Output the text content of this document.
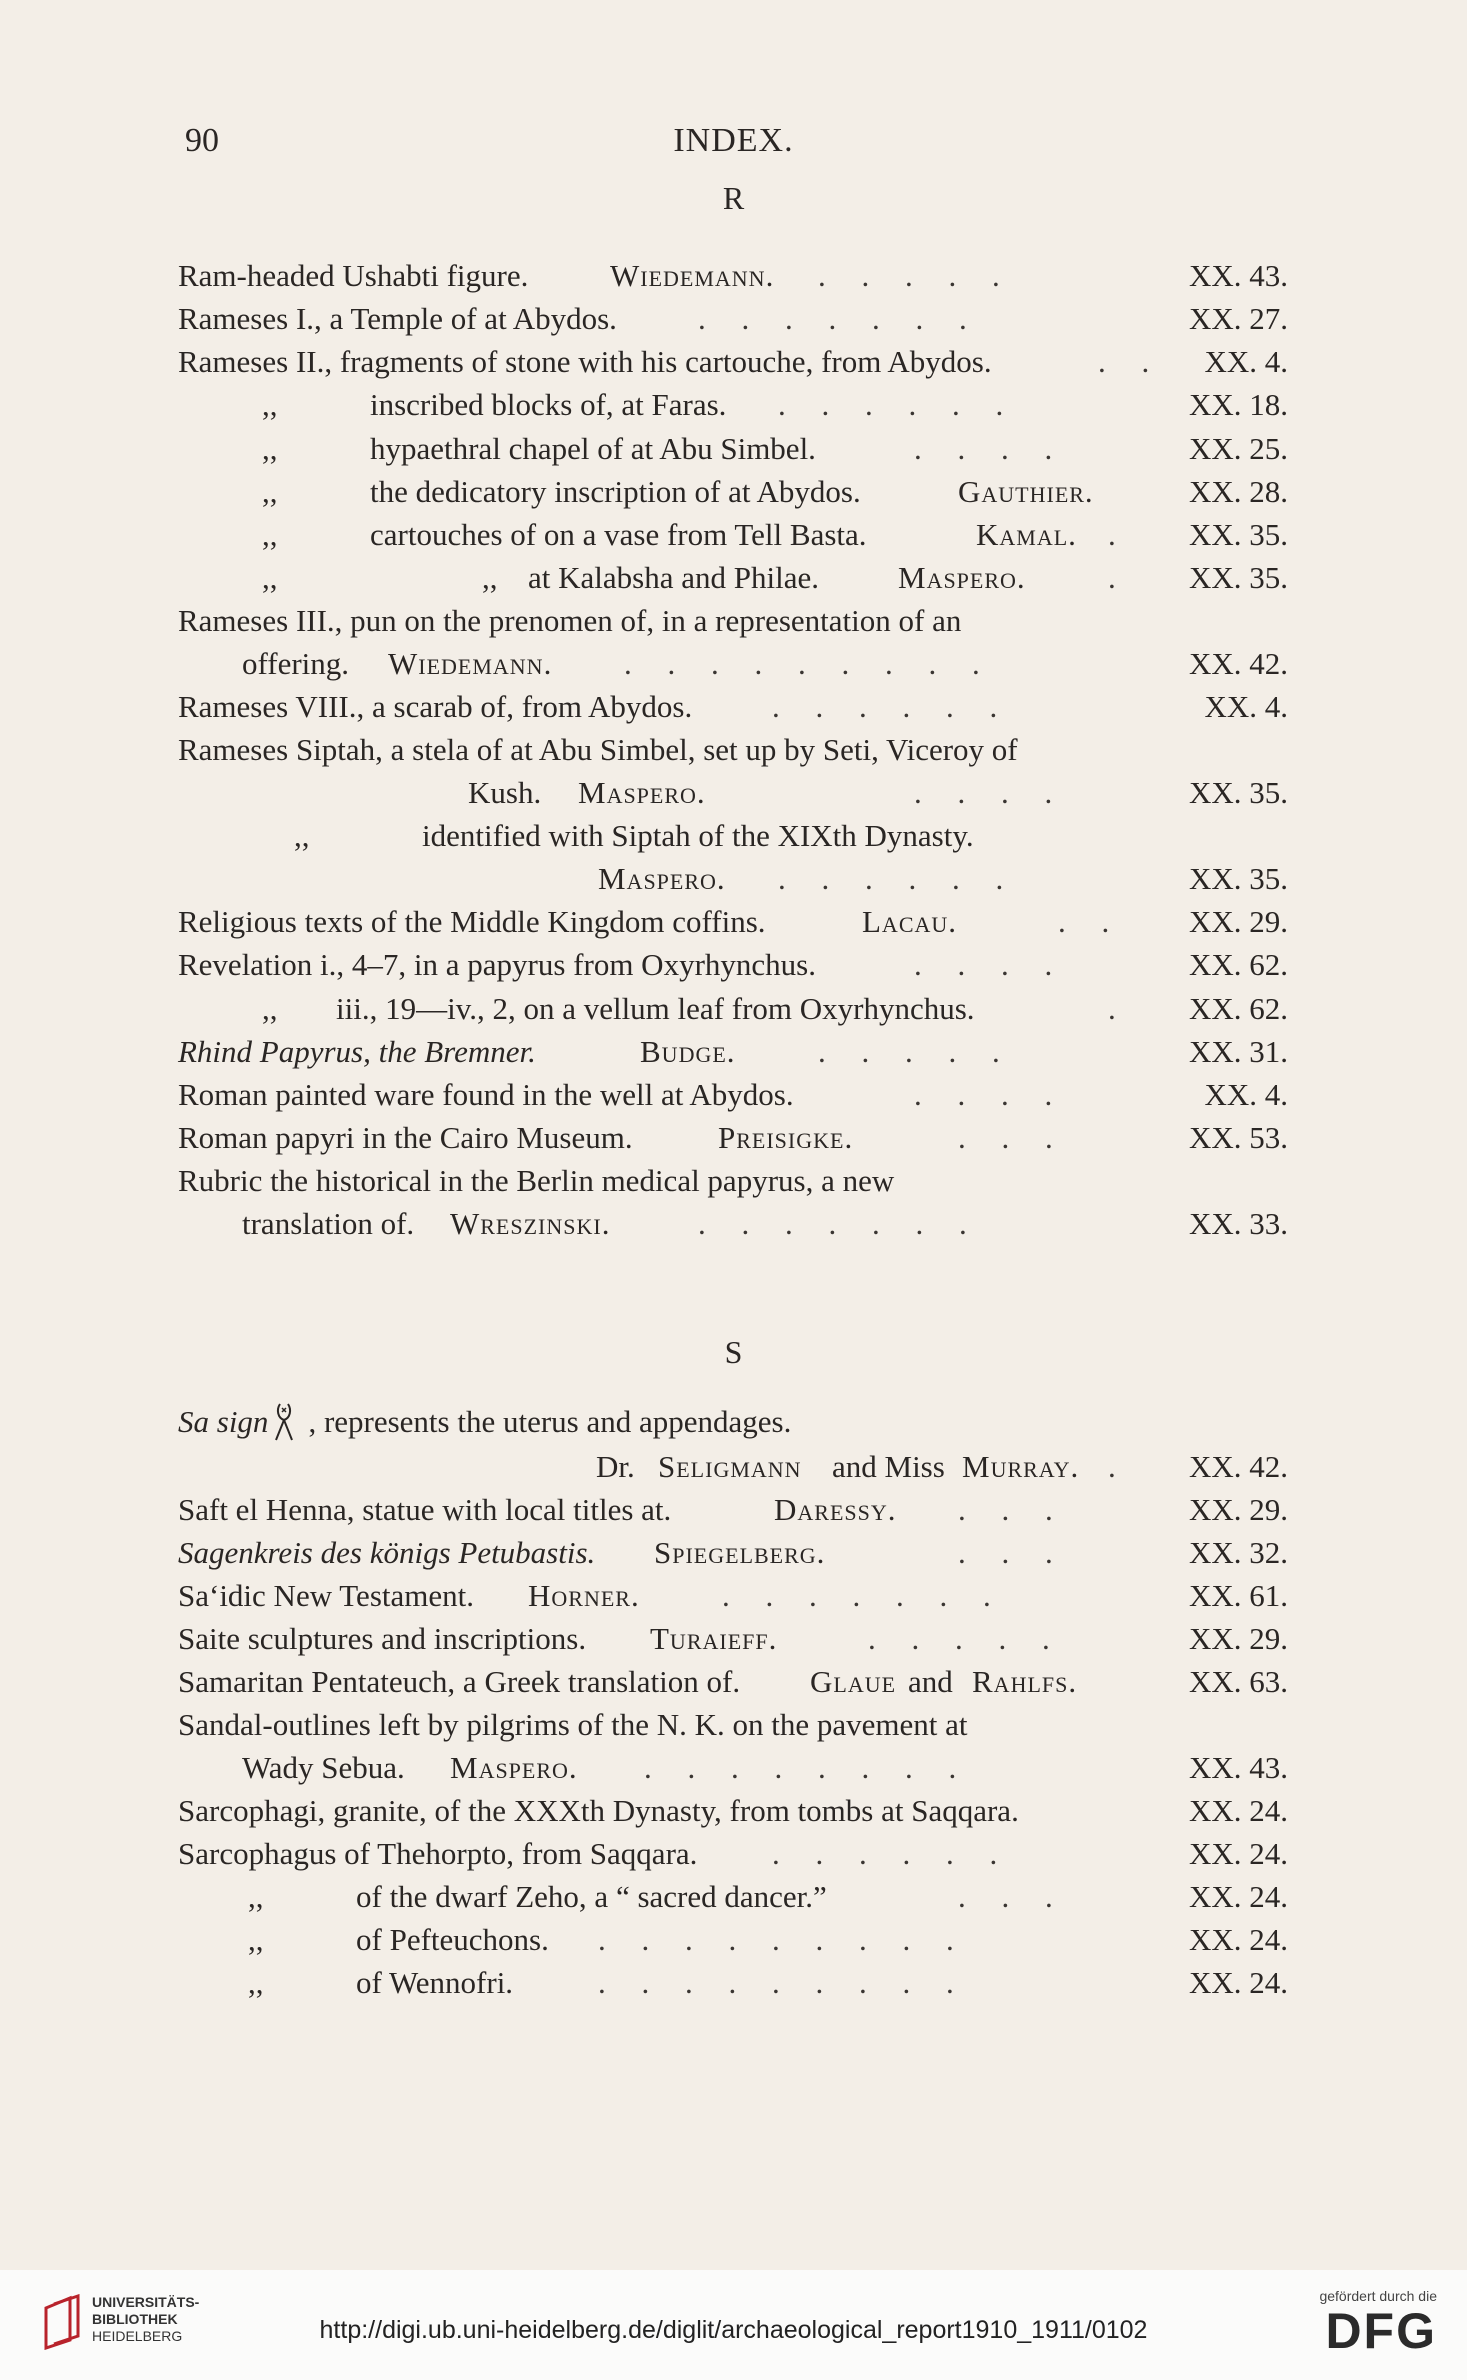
90	INDEX.
R
Ram-headed Ushabti figure.	Wiedemann. . . . . .	XX. 43.
Rameses I., a Temple of at Abydos.	. . . . . . .	XX. 27.
Rameses II., fragments of stone with his cartouche, from Abydos.	. . XX. 4.
,,	inscribed blocks of, at Faras. . . . . . .	XX. 18.
,,	hypaethral chapel of at Abu Simbel.	. . . .	XX. 25.
,,	the dedicatory inscription of at Abydos.	Gauthier.	XX. 28.
,,	cartouches of on a vase from Tell Basta.	Kamal. . XX. 35.
,,	,, at Kalabsha and Philae.	Maspero.	. XX. 35.
Rameses III., pun on the prenomen of, in a representation of an
offering. Wiedemann. . . . . . . . . .	XX. 42.
Rameses VIII., a scarab of, from Abydos.	. . . . . .	XX. 4.
Rameses Siptah, a stela of at Abu Simbel, set up by Seti, Viceroy of
Kush. Maspero.	. . . .	XX. 35.
,,	identified with Siptah of the XIXth Dynasty.
Maspero. . . . . . .	XX. 35.
Religious texts of the Middle Kingdom coffins.	Lacau.	. . XX. 29.
Revelation i., 4–7, in a papyrus from Oxyrhynchus.	. . . .	XX. 62.
,, iii., 19—iv., 2, on a vellum leaf from Oxyrhynchus.	. XX. 62.
Rhind Papyrus, the Bremner.	Budge.	. . . . .	XX. 31.
Roman painted ware found in the well at Abydos.	. . . .	XX. 4.
Roman papyri in the Cairo Museum.	Preisigke.	. . .	XX. 53.
Rubric the historical in the Berlin medical papyrus, a new
translation of. Wreszinski.	. . . . . . .	XX. 33.
S
Sa sign , represents the uterus and appendages.
Dr. Seligmann and Miss Murray. . XX. 42.
Saft el Henna, statue with local titles at.	Daressy. . . .	XX. 29.
Sagenkreis des königs Petubastis. Spiegelberg.	. . .	XX. 32.
Sa‘idic New Testament. Horner.	. . . . . . .	XX. 61.
Saite sculptures and inscriptions. Turaieff.	. . . . .	XX. 29.
Samaritan Pentateuch, a Greek translation of. Glaue and Rahlfs.	XX. 63.
Sandal-outlines left by pilgrims of the N. K. on the pavement at
Wady Sebua. Maspero. . . . . . . . .	XX. 43.
Sarcophagi, granite, of the XXXth Dynasty, from tombs at Saqqara.	XX. 24.
Sarcophagus of Thehorpto, from Saqqara. . . . . . .	XX. 24.
,,	of the dwarf Zeho, a “ sacred dancer.”	. . .	XX. 24.
,,	of Pefteuchons. . . . . . . . . .	XX. 24.
,,	of Wennofri.	. . . . . . . . .	XX. 24.
UNIVERSITÄTS-
BIBLIOTHEK
HEIDELBERG	http://digi.ub.uni-heidelberg.de/diglit/archaeological_report1910_1911/0102
gefördert durch die
DFG
